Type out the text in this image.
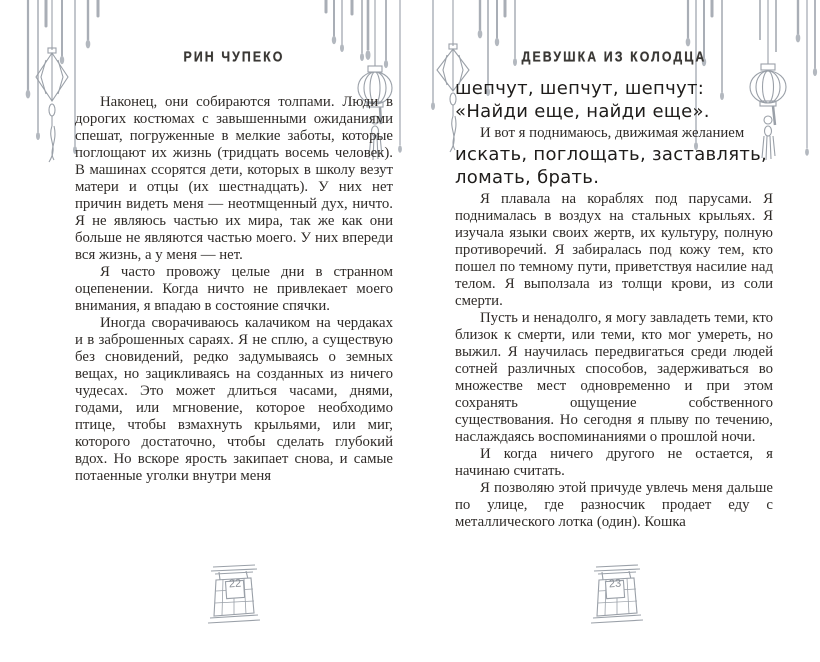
РИН ЧУПЕКО

Наконец, они собираются толпами. Люди в дорогих костюмах с завышенными ожиданиями спешат, погруженные в мелкие заботы, которые поглощают их жизнь (тридцать восемь человек). В машинах ссорятся дети, которых в школу везут матери и отцы (их шестнадцать). У них нет причин видеть меня — неотмщенный дух, ничто. Я не являюсь частью их мира, так же как они больше не являются частью моего. У них впереди вся жизнь, а у меня — нет.

Я часто провожу целые дни в странном оцепенении. Когда ничто не привлекает моего внимания, я впадаю в состояние спячки.

Иногда сворачиваюсь калачиком на чердаках и в заброшенных сараях. Я не сплю, а существую без сновидений, редко задумываясь о земных вещах, но зацикливаясь на созданных из ничего чудесах. Это может длиться часами, днями, годами, или мгновение, которое необходимо птице, чтобы взмахнуть крыльями, или миг, которого достаточно, чтобы сделать глубокий вдох. Но вскоре ярость закипает снова, и самые потаенные уголки внутри меня

ДЕВУШКА ИЗ КОЛОДЦА

шепчут, шепчут, шепчут: «Найди еще, найди еще».

И вот я поднимаюсь, движимая желанием

искать, поглощать, заставлять, ломать, брать.

Я плавала на кораблях под парусами. Я поднималась в воздух на стальных крыльях. Я изучала языки своих жертв, их культуру, полную противоречий. Я забиралась под кожу тем, кто пошел по темному пути, приветствуя насилие над телом. Я выползала из толщи крови, из соли смерти.

Пусть и ненадолго, я могу завладеть теми, кто близок к смерти, или теми, кто мог умереть, но выжил. Я научилась передвигаться среди людей сотней различных способов, задерживаться во множестве мест одновременно и при этом сохранять ощущение собственного существования. Но сегодня я плыву по течению, наслаждаясь воспоминаниями о прошлой ночи.

И когда ничего другого не остается, я начинаю считать.

Я позволяю этой причуде увлечь меня дальше по улице, где разносчик продает еду с металлического лотка (один). Кошка

22	23
